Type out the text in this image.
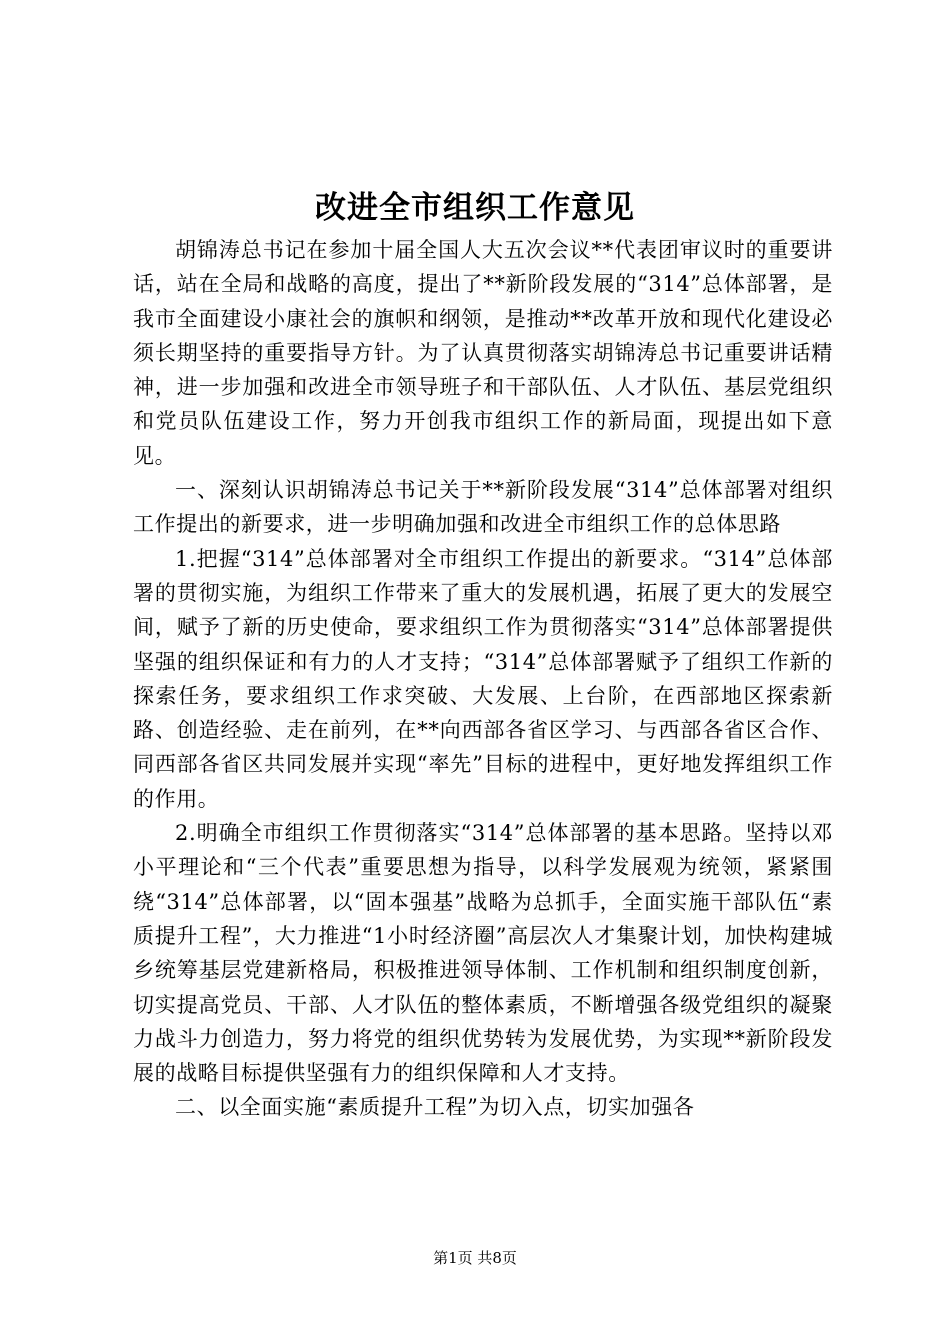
改进全市组织工作意见

胡锦涛总书记在参加十届全国人大五次会议**代表团审议时的重要讲话，站在全局和战略的高度，提出了**新阶段发展的“314”总体部署，是我市全面建设小康社会的旗帜和纲领，是推动**改革开放和现代化建设必须长期坚持的重要指导方针。为了认真贯彻落实胡锦涛总书记重要讲话精神，进一步加强和改进全市领导班子和干部队伍、人才队伍、基层党组织和党员队伍建设工作，努力开创我市组织工作的新局面，现提出如下意见。

一、深刻认识胡锦涛总书记关于**新阶段发展“314”总体部署对组织工作提出的新要求，进一步明确加强和改进全市组织工作的总体思路

1.把握“314”总体部署对全市组织工作提出的新要求。“314”总体部署的贯彻实施，为组织工作带来了重大的发展机遇，拓展了更大的发展空间，赋予了新的历史使命，要求组织工作为贯彻落实“314”总体部署提供坚强的组织保证和有力的人才支持；“314”总体部署赋予了组织工作新的探索任务，要求组织工作求突破、大发展、上台阶，在西部地区探索新路、创造经验、走在前列，在**向西部各省区学习、与西部各省区合作、同西部各省区共同发展并实现“率先”目标的进程中，更好地发挥组织工作的作用。

2.明确全市组织工作贯彻落实“314”总体部署的基本思路。坚持以邓小平理论和“三个代表”重要思想为指导，以科学发展观为统领，紧紧围绕“314”总体部署，以“固本强基”战略为总抓手，全面实施干部队伍“素质提升工程”，大力推进“1小时经济圈”高层次人才集聚计划，加快构建城乡统筹基层党建新格局，积极推进领导体制、工作机制和组织制度创新，切实提高党员、干部、人才队伍的整体素质，不断增强各级党组织的凝聚力战斗力创造力，努力将党的组织优势转为发展优势，为实现**新阶段发展的战略目标提供坚强有力的组织保障和人才支持。

二、以全面实施“素质提升工程”为切入点，切实加强各

第1页 共8页
